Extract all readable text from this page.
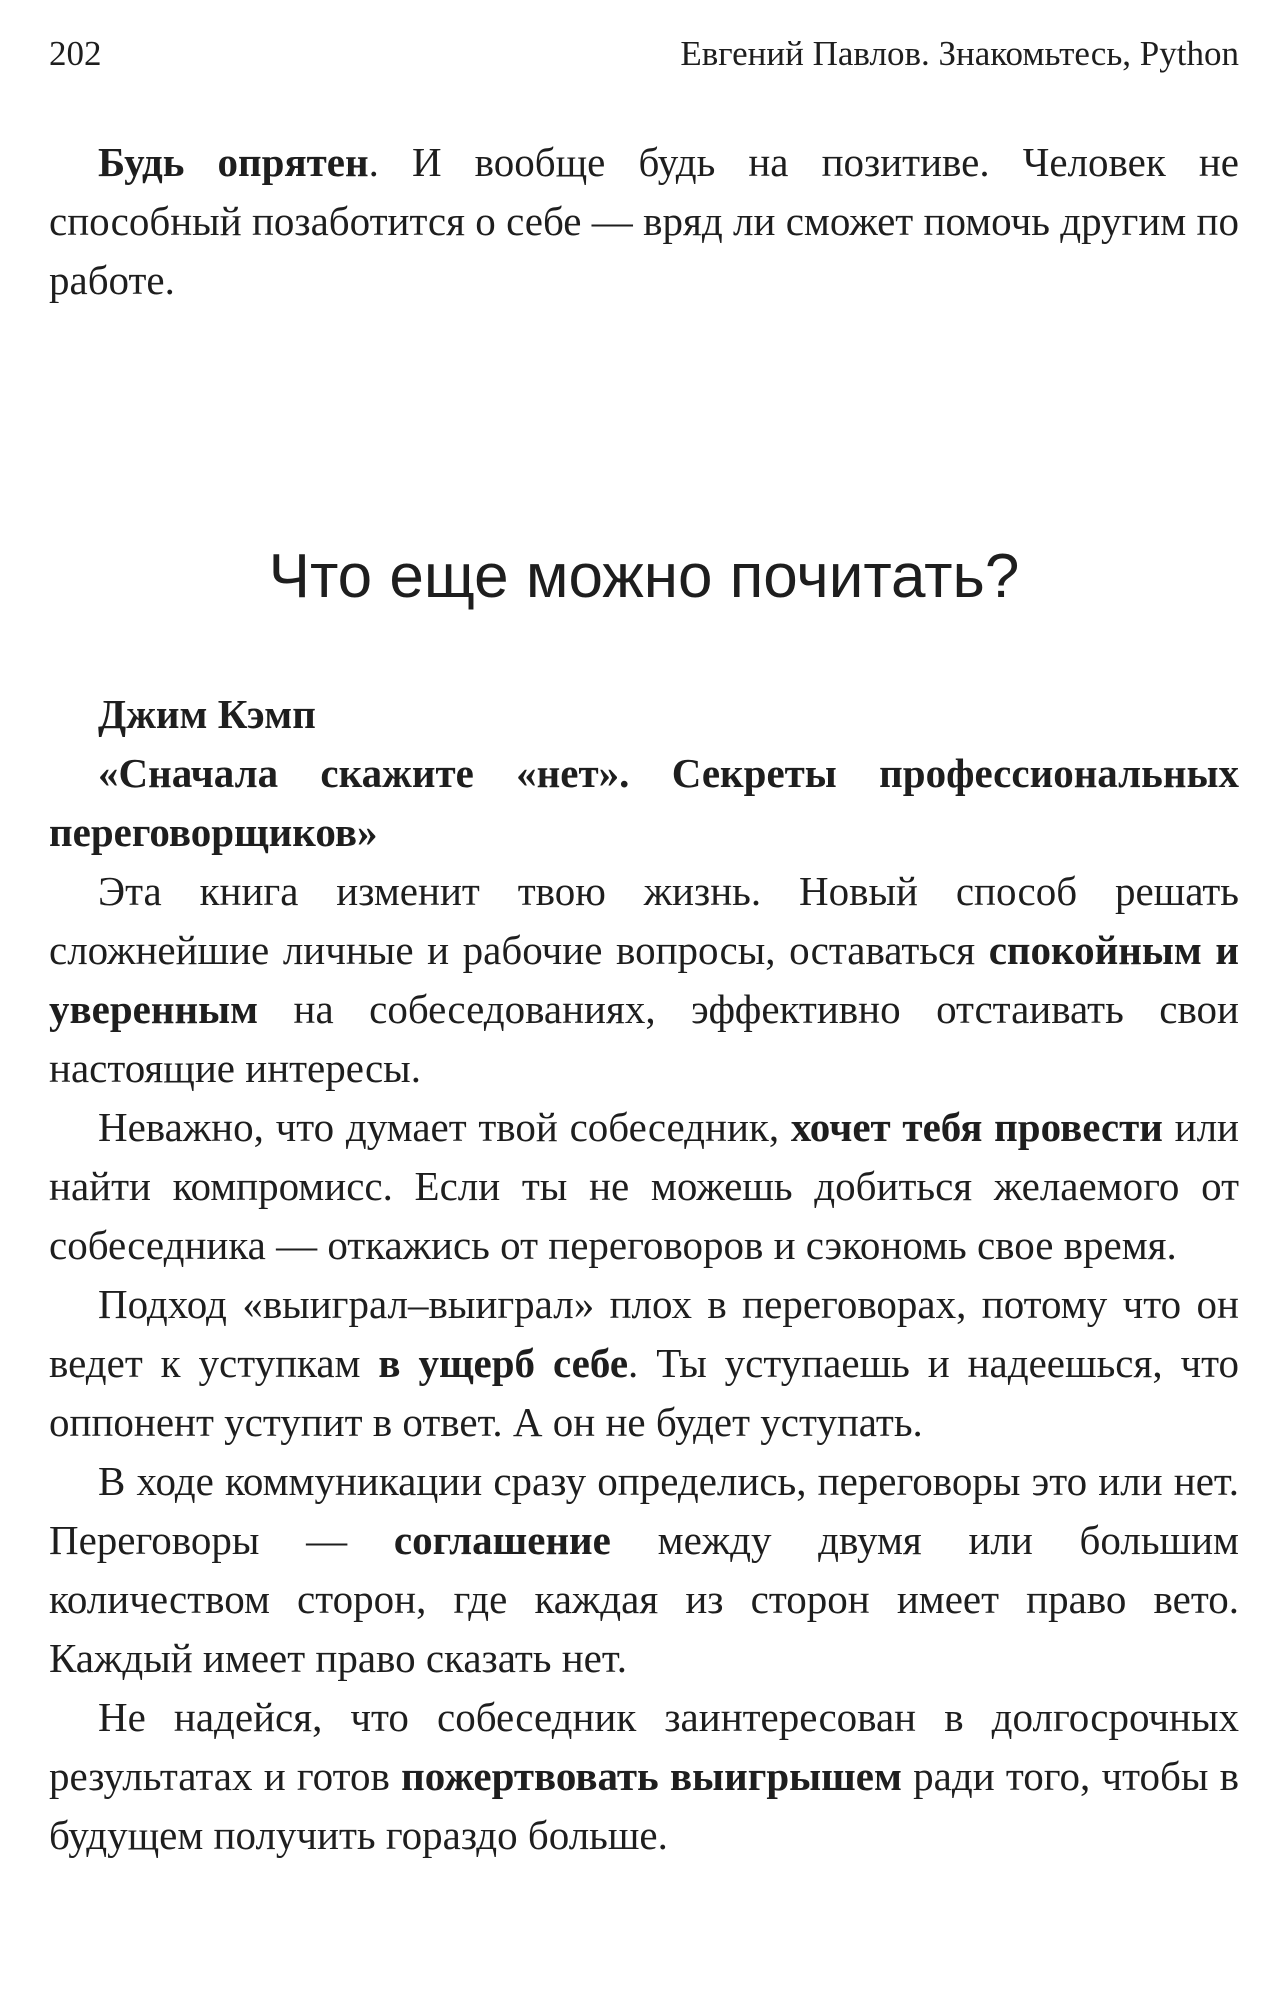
202	Евгений Павлов. Знакомьтесь, Python

Будь опрятен. И вообще будь на позитиве. Человек не способный позаботится о себе — вряд ли сможет помочь другим по работе.

Что еще можно почитать?

Джим Кэмп

«Сначала скажите «нет». Секреты профессиональных переговорщиков»

Эта книга изменит твою жизнь. Новый способ решать сложнейшие личные и рабочие вопросы, оставаться спокойным и уверенным на собеседованиях, эффективно отстаивать свои настоящие интересы.

Неважно, что думает твой собеседник, хочет тебя провести или найти компромисс. Если ты не можешь добиться желаемого от собеседника — откажись от переговоров и сэкономь свое время.

Подход «выиграл–выиграл» плох в переговорах, потому что он ведет к уступкам в ущерб себе. Ты уступаешь и надеешься, что оппонент уступит в ответ. А он не будет уступать.

В ходе коммуникации сразу определись, переговоры это или нет. Переговоры — соглашение между двумя или большим количеством сторон, где каждая из сторон имеет право вето. Каждый имеет право сказать нет.

Не надейся, что собеседник заинтересован в долгосрочных результатах и готов пожертвовать выигрышем ради того, чтобы в будущем получить гораздо больше.
